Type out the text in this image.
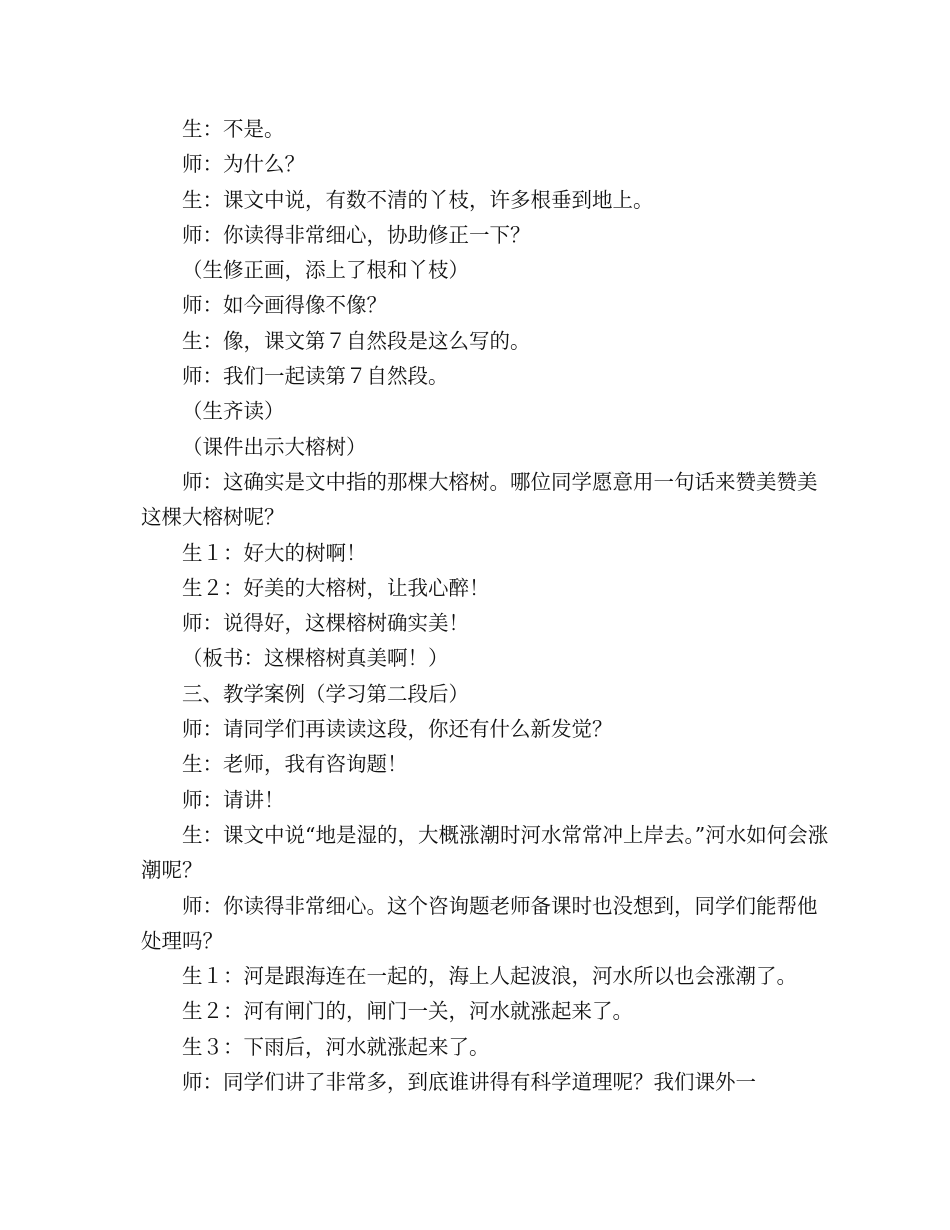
生：不是。

师：为什么？

生：课文中说，有数不清的丫枝，许多根垂到地上。

师：你读得非常细心，协助修正一下？

（生修正画，添上了根和丫枝）

师：如今画得像不像？

生：像，课文第７自然段是这么写的。

师：我们一起读第７自然段。

（生齐读）

（课件出示大榕树）

师：这确实是文中指的那棵大榕树。哪位同学愿意用一句话来赞美赞美这棵大榕树呢？

生１：好大的树啊！

生２：好美的大榕树，让我心醉！

师：说得好，这棵榕树确实美！

（板书：这棵榕树真美啊！）

三、教学案例（学习第二段后）

师：请同学们再读读这段，你还有什么新发觉？

生：老师，我有咨询题！

师：请讲！

生：课文中说“地是湿的，大概涨潮时河水常常冲上岸去。”河水如何会涨潮呢？

师：你读得非常细心。这个咨询题老师备课时也没想到，同学们能帮他处理吗？

生１：河是跟海连在一起的，海上人起波浪，河水所以也会涨潮了。

生２：河有闸门的，闸门一关，河水就涨起来了。

生３：下雨后，河水就涨起来了。

师：同学们讲了非常多，到底谁讲得有科学道理呢？我们课外一
